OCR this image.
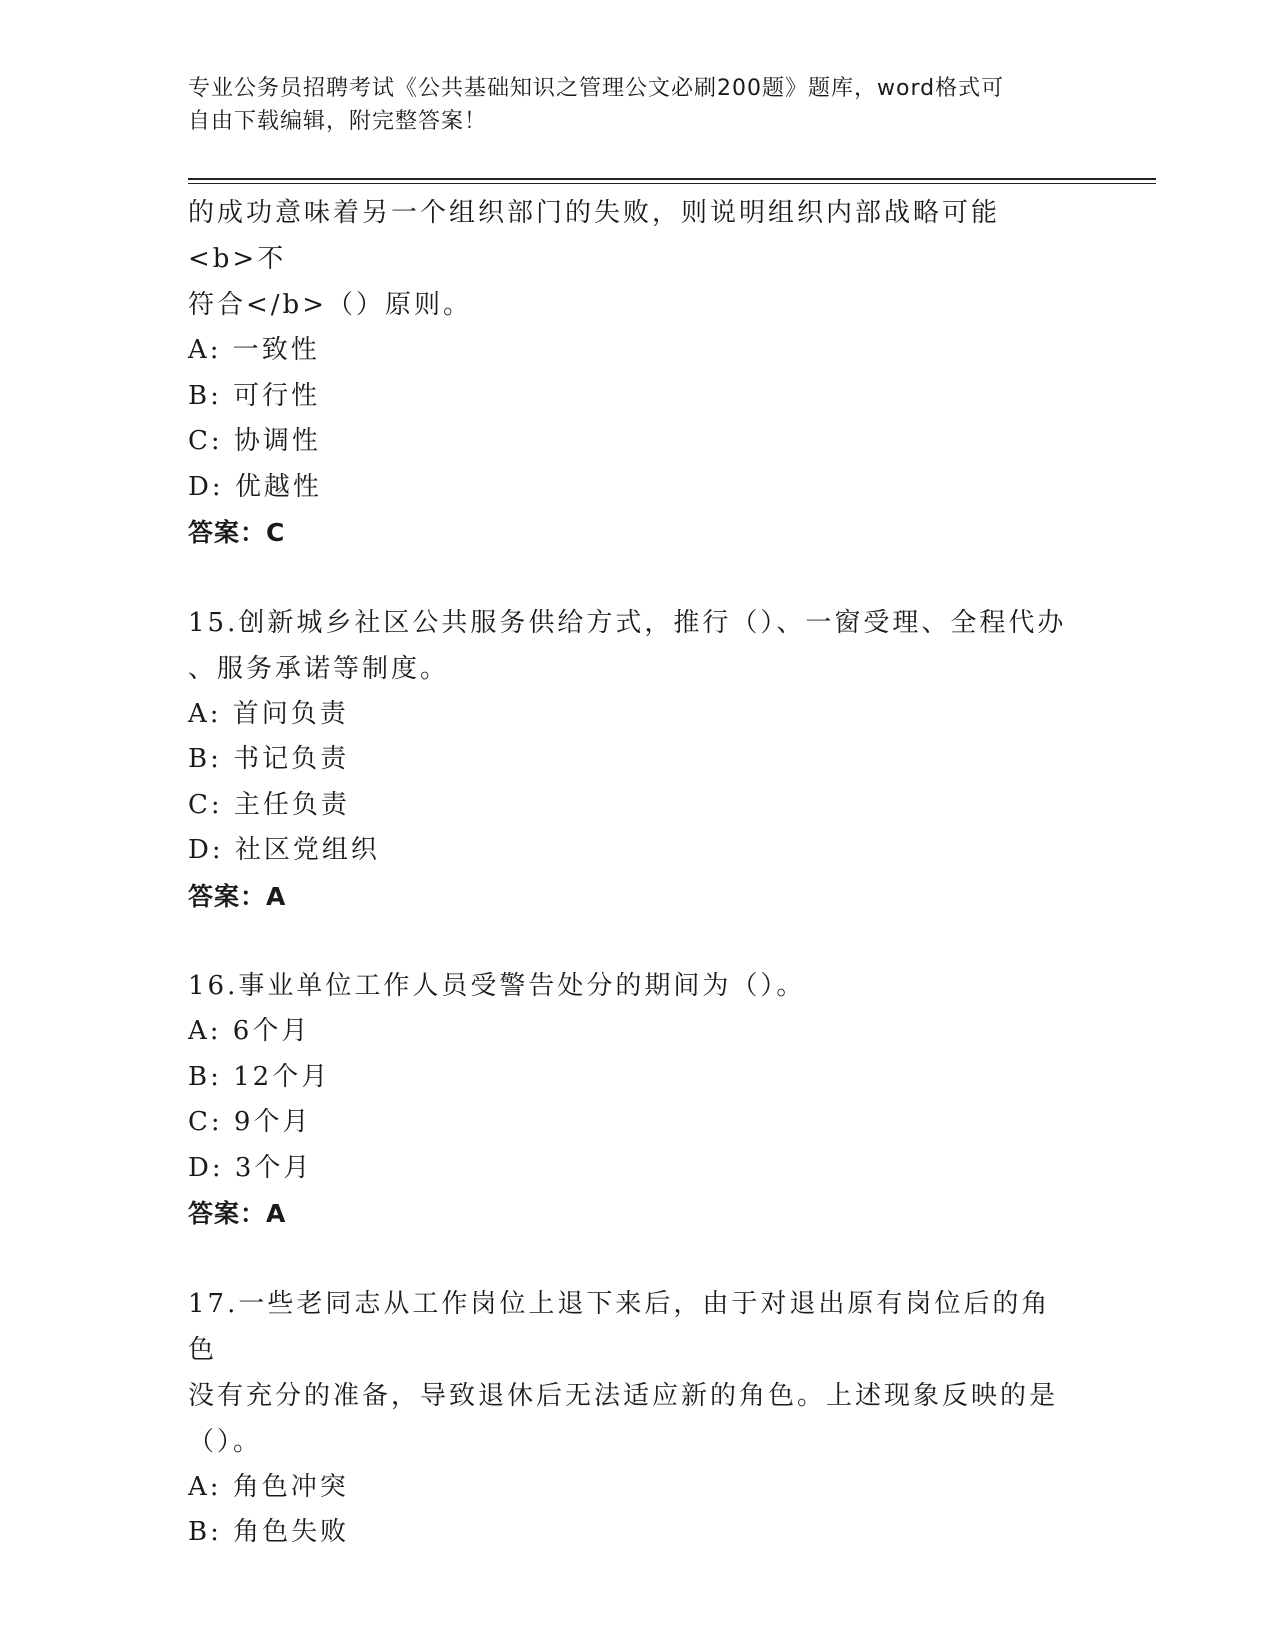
专业公务员招聘考试《公共基础知识之管理公文必刷200题》题库，word格式可
自由下载编辑，附完整答案！

的成功意味着另一个组织部门的失败，则说明组织内部战略可能<b>不

符合</b>（）原则。

A: 一致性

B: 可行性

C: 协调性

D: 优越性

答案：C

15.创新城乡社区公共服务供给方式，推行（）、一窗受理、全程代办

、服务承诺等制度。

A: 首问负责

B: 书记负责

C: 主任负责

D: 社区党组织

答案：A

16.事业单位工作人员受警告处分的期间为（）。

A: 6个月

B: 12个月

C: 9个月

D: 3个月

答案：A

17.一些老同志从工作岗位上退下来后，由于对退出原有岗位后的角色

没有充分的准备，导致退休后无法适应新的角色。上述现象反映的是

（）。

A: 角色冲突

B: 角色失败
